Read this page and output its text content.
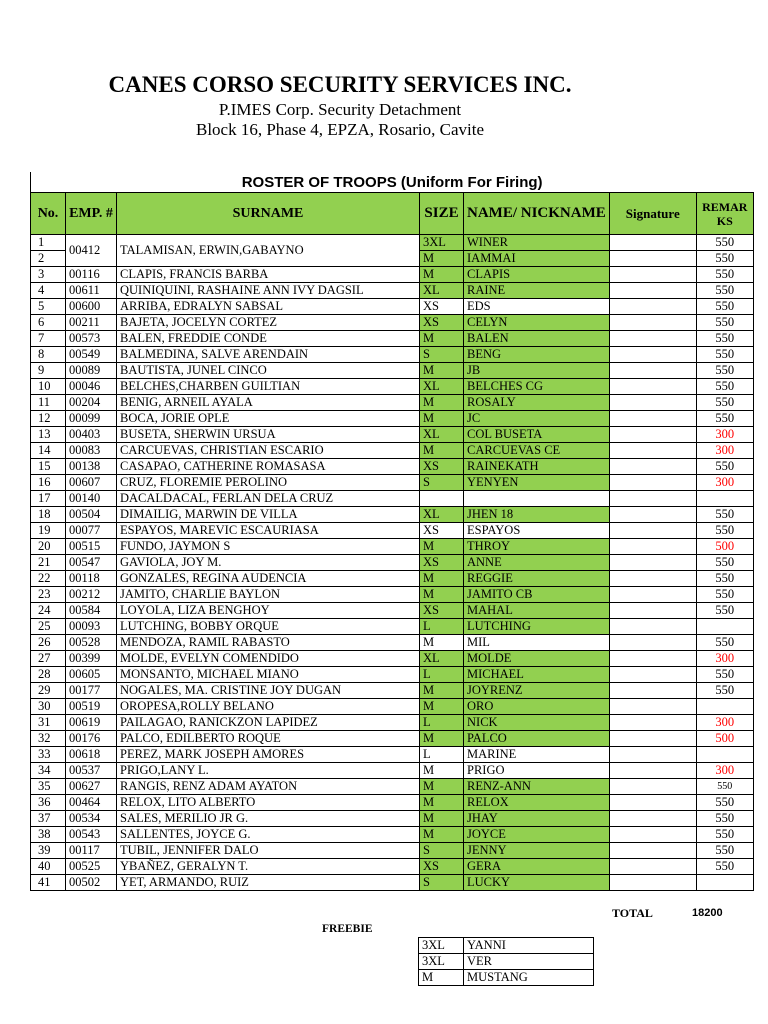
CANES CORSO SECURITY SERVICES INC.
P.IMES Corp. Security Detachment
Block 16, Phase 4, EPZA, Rosario, Cavite
ROSTER OF TROOPS (Uniform For Firing)						
No.	EMP. #	SURNAME	SIZE	NAME/ NICKNAME	Signature	REMAR KS
1	00412	TALAMISAN, ERWIN,GABAYNO	3XL	WINER		550
2			M	IAMMAI		550
3	00116	CLAPIS, FRANCIS BARBA	M	CLAPIS		550
4	00611	QUINIQUINI, RASHAINE ANN IVY DAGSIL	XL	RAINE		550
5	00600	ARRIBA, EDRALYN SABSAL	XS	EDS		550
6	00211	BAJETA, JOCELYN CORTEZ	XS	CELYN		550
7	00573	BALEN, FREDDIE CONDE	M	BALEN		550
8	00549	BALMEDINA, SALVE ARENDAIN	S	BENG		550
9	00089	BAUTISTA, JUNEL CINCO	M	JB		550
10	00046	BELCHES,CHARBEN GUILTIAN	XL	BELCHES CG		550
11	00204	BENIG, ARNEIL AYALA	M	ROSALY		550
12	00099	BOCA, JORIE OPLE	M	JC		550
13	00403	BUSETA, SHERWIN URSUA	XL	COL BUSETA		300
14	00083	CARCUEVAS, CHRISTIAN ESCARIO	M	CARCUEVAS CE		300
15	00138	CASAPAO, CATHERINE ROMASASA	XS	RAINEKATH		550
16	00607	CRUZ, FLOREMIE PEROLINO	S	YENYEN		300
17	00140	DACALDACAL, FERLAN DELA CRUZ				
18	00504	DIMAILIG, MARWIN DE VILLA	XL	JHEN 18		550
19	00077	ESPAYOS, MAREVIC ESCAURIASA	XS	ESPAYOS		550
20	00515	FUNDO, JAYMON S	M	THROY		500
21	00547	GAVIOLA, JOY M.	XS	ANNE		550
22	00118	GONZALES, REGINA AUDENCIA	M	REGGIE		550
23	00212	JAMITO, CHARLIE BAYLON	M	JAMITO CB		550
24	00584	LOYOLA, LIZA BENGHOY	XS	MAHAL		550
25	00093	LUTCHING, BOBBY ORQUE	L	LUTCHING		
26	00528	MENDOZA, RAMIL RABASTO	M	MIL		550
27	00399	MOLDE, EVELYN COMENDIDO	XL	MOLDE		300
28	00605	MONSANTO, MICHAEL MIANO	L	MICHAEL		550
29	00177	NOGALES, MA. CRISTINE JOY DUGAN	M	JOYRENZ		550
30	00519	OROPESA,ROLLY BELANO	M	ORO		
31	00619	PAILAGAO, RANICKZON LAPIDEZ	L	NICK		300
32	00176	PALCO, EDILBERTO ROQUE	M	PALCO		500
33	00618	PEREZ, MARK JOSEPH AMORES	L	MARINE		
34	00537	PRIGO,LANY L.	M	PRIGO		300
35	00627	RANGIS, RENZ ADAM AYATON	M	RENZ-ANN		550
36	00464	RELOX, LITO ALBERTO	M	RELOX		550
37	00534	SALES, MERILIO JR G.	M	JHAY		550
38	00543	SALLENTES, JOYCE G.	M	JOYCE		550
39	00117	TUBIL, JENNIFER DALO	S	JENNY		550
40	00525	YBAÑEZ, GERALYN T.	XS	GERA		550
41	00502	YET, ARMANDO, RUIZ	S	LUCKY		
TOTAL	18200
FREEBIE
3XL	YANNI
3XL	VER
M	MUSTANG
